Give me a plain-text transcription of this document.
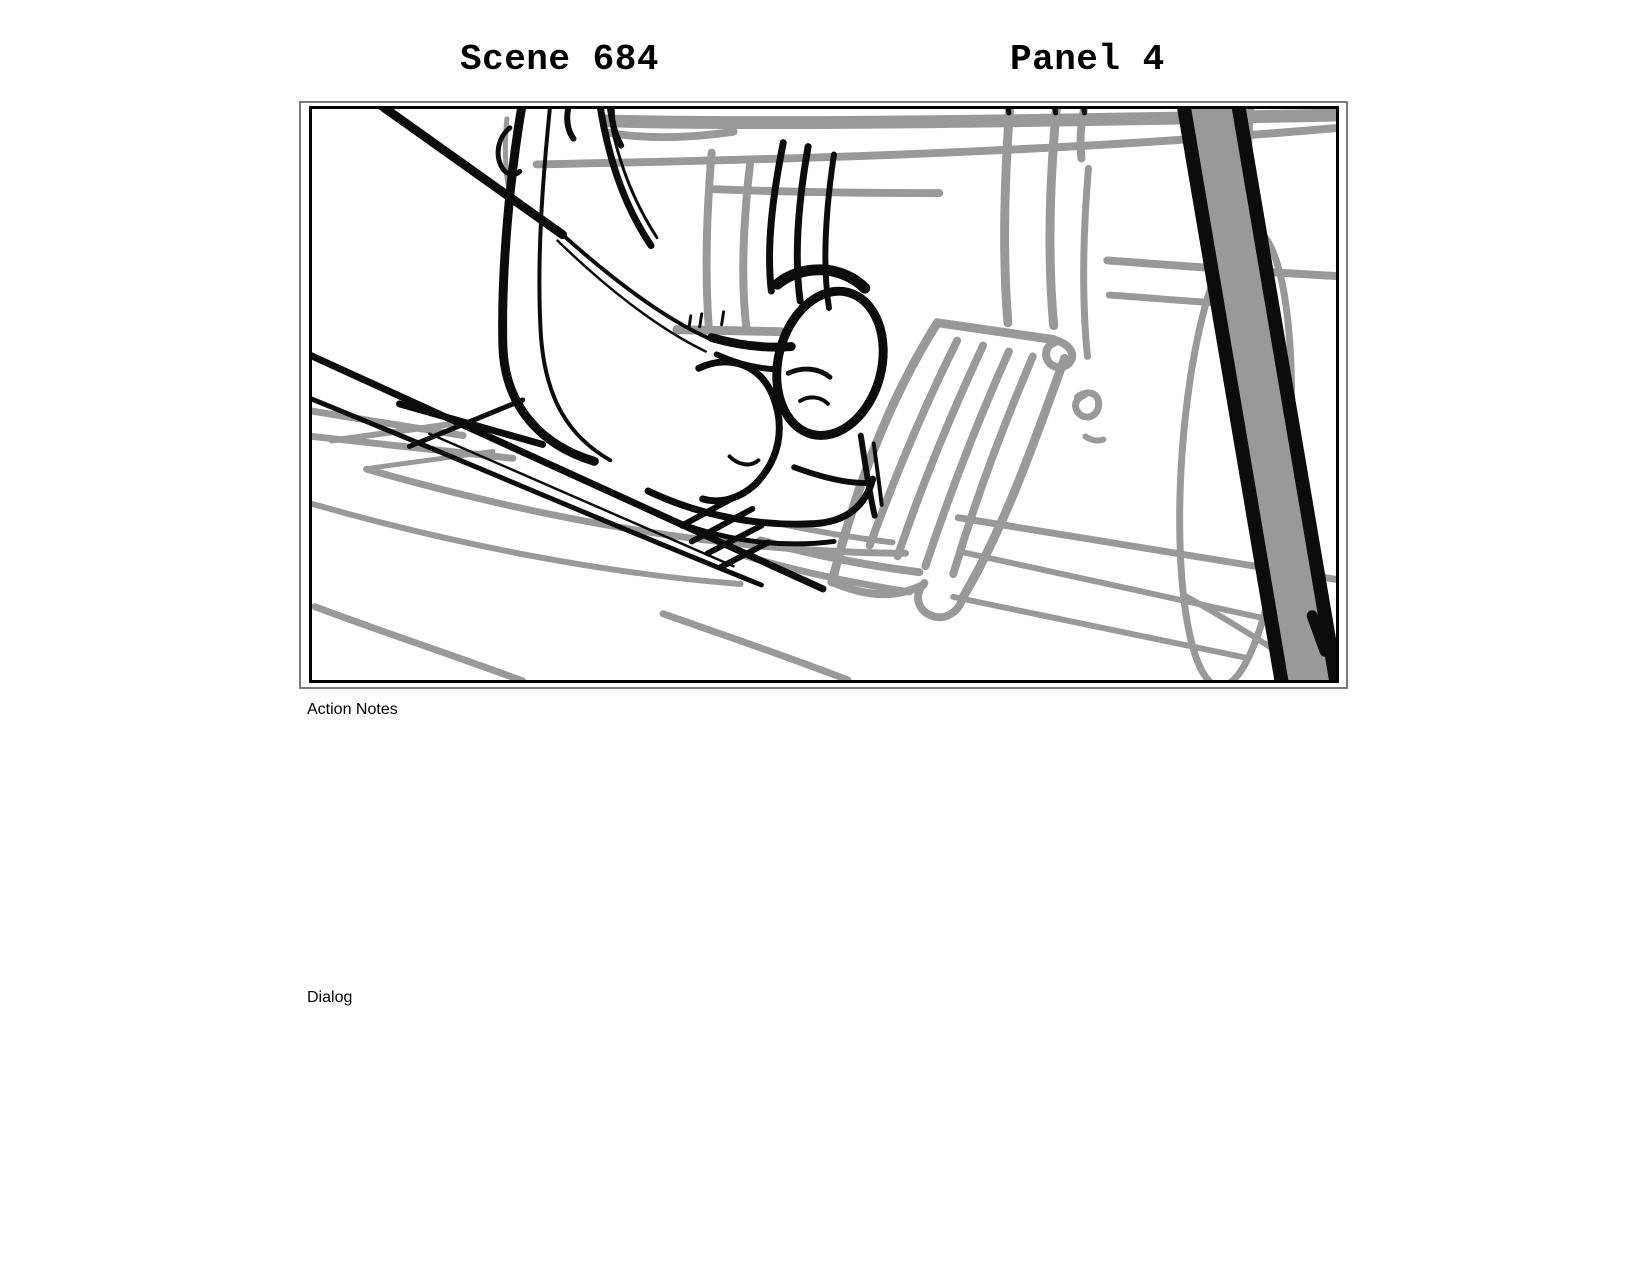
Scene 684	Panel 4
Action Notes
Dialog
